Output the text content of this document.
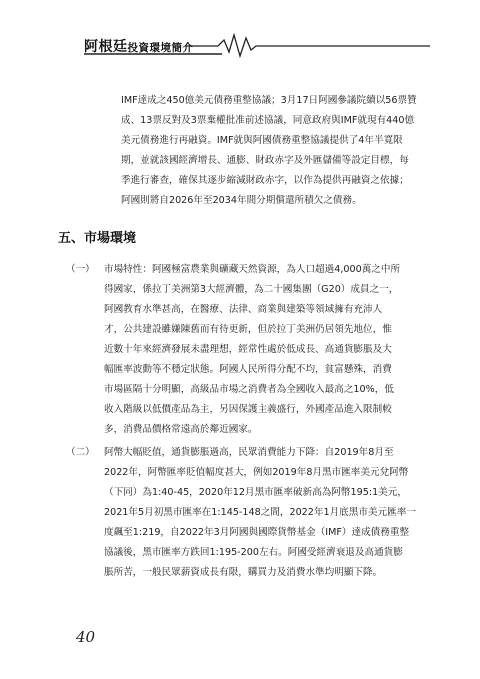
阿根廷投資環境簡介
IMF達成之450億美元債務重整協議；3月17日阿國參議院續以56票贊
成、13票反對及3票棄權批准前述協議，同意政府與IMF就現有440億
美元債務進行再融資。IMF就與阿國債務重整協議提供了4年半寬限
期，並就該國經濟增長、通膨、財政赤字及外匯儲備等設定目標，每
季進行審查，確保其逐步縮減財政赤字，以作為提供再融資之依據；
阿國則將自2026年至2034年間分期償還所積欠之債務。
五、市場環境
（一） 市場特性：阿國極富農業與礦藏天然資源，為人口超過4,000萬之中所
得國家，係拉丁美洲第3大經濟體，為二十國集團（G20）成員之一，
阿國教育水準甚高，在醫療、法律、商業與建築等領域擁有充沛人
才，公共建設雖嫌陳舊而有待更新，但於拉丁美洲仍居領先地位，惟
近數十年來經濟發展未盡理想，經常性處於低成長、高通貨膨脹及大
幅匯率波動等不穩定狀態。阿國人民所得分配不均，貧富懸殊，消費
市場區隔十分明顯，高級品市場之消費者為全國收入最高之10%，低
收入階級以低價產品為主，另因保護主義盛行，外國產品進入限制較
多，消費品價格常遠高於鄰近國家。
（二） 阿幣大幅貶值，通貨膨脹過高，民眾消費能力下降：自2019年8月至
2022年，阿幣匯率貶值幅度甚大，例如2019年8月黑市匯率美元兌阿幣
（下同）為1:40-45，2020年12月黑市匯率破新高為阿幣195:1美元，
2021年5月初黑市匯率在1:145-148之間，2022年1月底黑市美元匯率一
度飆至1:219，自2022年3月阿國與國際貨幣基金（IMF）達成債務重整
協議後，黑市匯率方跌回1:195-200左右。阿國受經濟衰退及高通貨膨
脹所苦，一般民眾薪資成長有限，購買力及消費水準均明顯下降。
40
